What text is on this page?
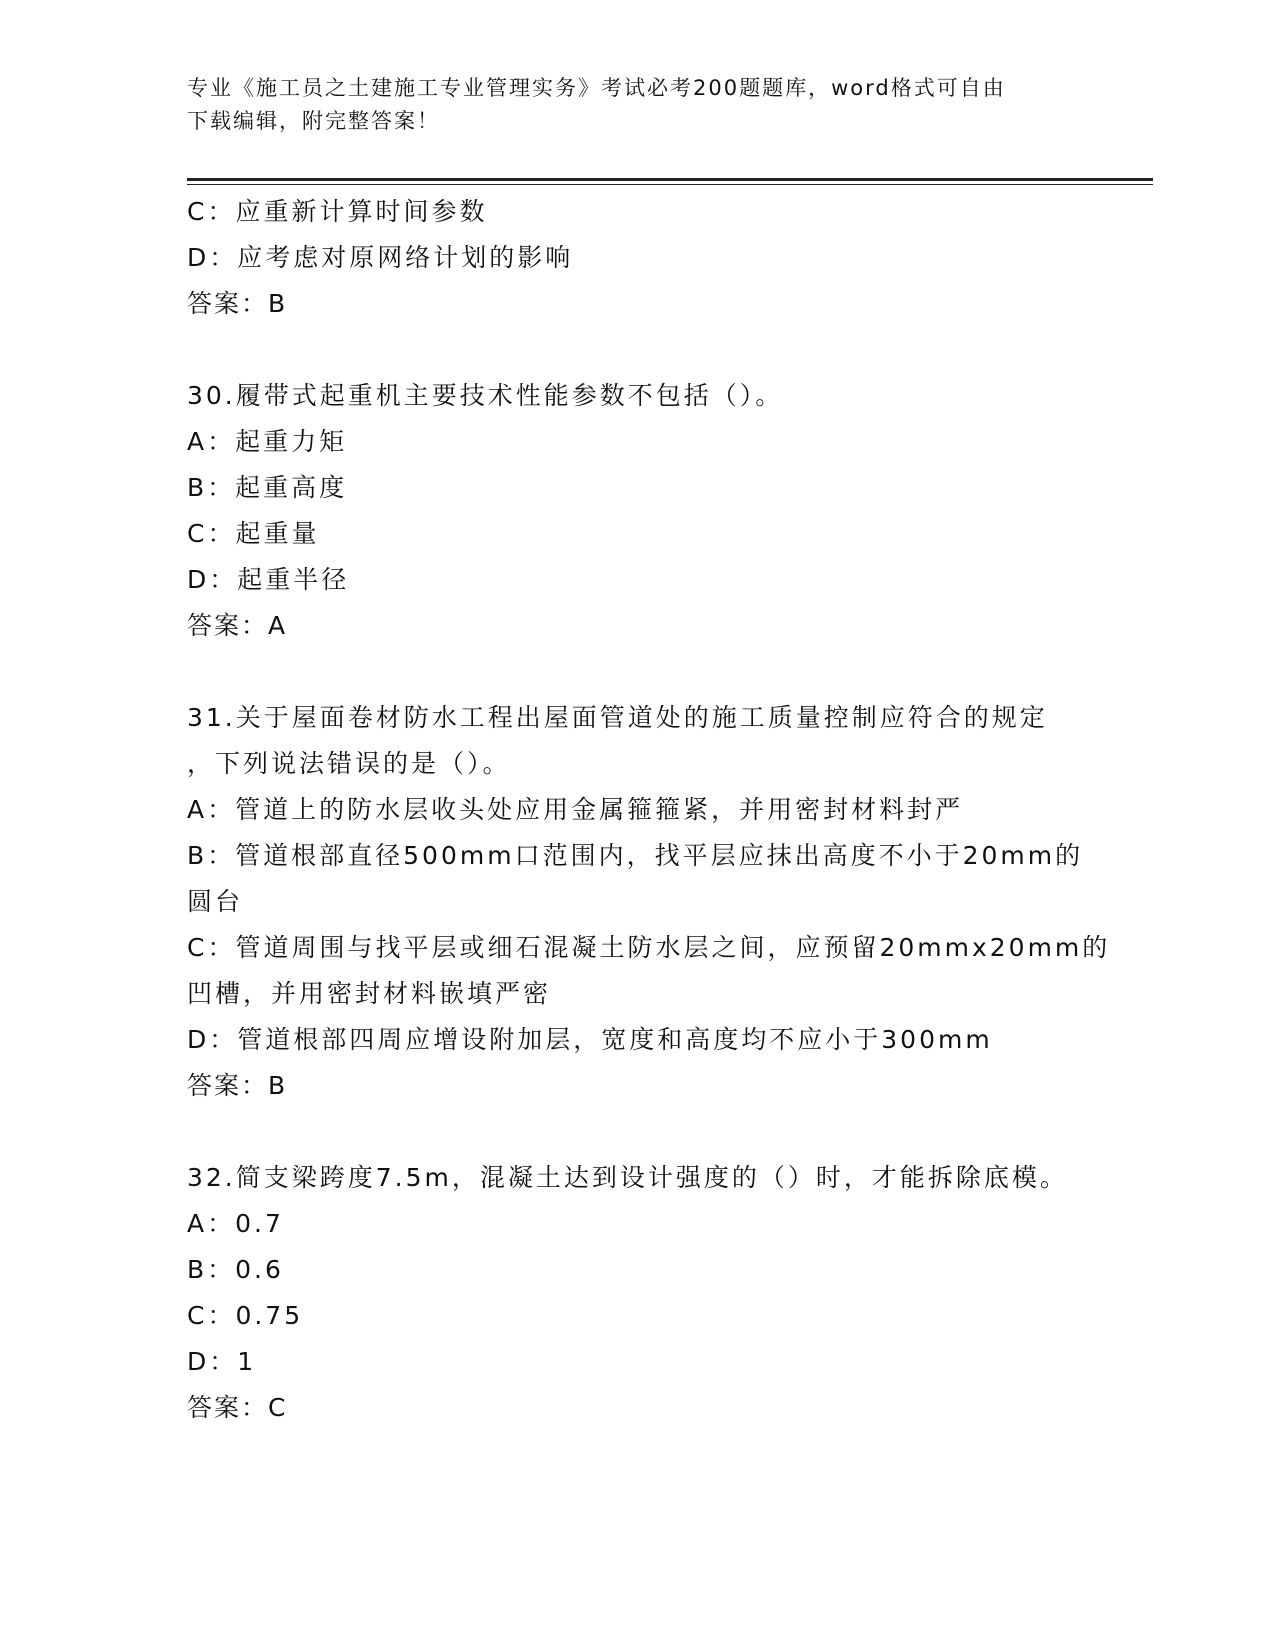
专业《施工员之土建施工专业管理实务》考试必考200题题库，word格式可自由
下载编辑，附完整答案！
C：应重新计算时间参数
D：应考虑对原网络计划的影响
答案：B
30.履带式起重机主要技术性能参数不包括（）。
A：起重力矩
B：起重高度
C：起重量
D：起重半径
答案：A
31.关于屋面卷材防水工程出屋面管道处的施工质量控制应符合的规定
，下列说法错误的是（）。
A：管道上的防水层收头处应用金属箍箍紧，并用密封材料封严
B：管道根部直径500mm口范围内，找平层应抹出高度不小于20mm的
圆台
C：管道周围与找平层或细石混凝土防水层之间，应预留20mmx20mm的
凹槽，并用密封材料嵌填严密
D：管道根部四周应增设附加层，宽度和高度均不应小于300mm
答案：B
32.简支梁跨度7.5m，混凝土达到设计强度的（）时，才能拆除底模。
A：0.7
B：0.6
C：0.75
D：1
答案：C
